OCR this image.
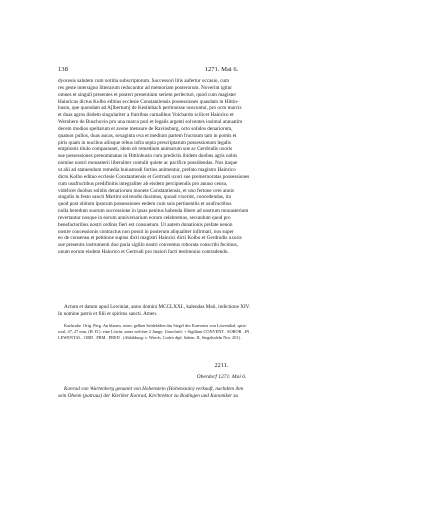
138	1271. Mai 6.

dyocesis salutem cum notitia subscriptorum. Successori litis aufertur occasio, cum
res geste intersigno litterarum reducuntur ad memoriam posterorum. Noverint igitur
omnes et singuli presentes et posteri presentium seriem perlecturi, quod cum magister
Hainricus dictus Kolbo editius ecclesie Constantiensis possessiones quasdam in Hittin-
husin, que quondam ad A[lbertum] de Kestinbach pertinuisse noscuntur, pro octo marcis
et duas agros ibidem singulariter a fratribus carnalibus Volchardo scilicet Hainrico et
Wernhero de Buschovin pro una marca puri et legalis argenti solventes iosimul annuatim
decem modios speltarum et avene mensure de Ravinsburg, octo solidos denariorum,
quatuor pullos, duas aucas, sexaginta ova et medium partem fructuum tam in pomis et
piris quam in nucibus aliisque rebus infra septa prescriptarum possessionum legalis
emptionis titulo comparasset, idem ob remedium animarum sue ac Gerdrudis uxoris
sue possessiones prenominatas in Hittinhusin cum predictis ibidem duobus agris nobis
nomine nostri monasterii liberaliter contulit quiete ac pacifice possidendas. Nos itaque
ut alii ad statuendum remedia huiusmodi fortius animentur, prefato magistro Hainrico
dicto Kolbo edituo ecclesie Constantiensis et Gertrudi uxori sue premernoratas possessiones
cum usufructibus predifinitis integraliter ab eisdem percipiendis pro annuo censu,
videlicet duobus solidis denariorum monete Constantiensis, et uno fertone cere annis
singulis in festo sancti Martini solvendis duximus, quoad vixerint, concedendas, ita
quod post obitum ipsorum possessiones eedem cum suis pertinentiis et usufructibus
nulla heredum suorum successione in ipsas penitus habenda libere ad nostrum monasterium
revertantur nosque in eorum anniversarium eorum celebremus, secundum quod pro
benefactoribus nostri ordinis fieri est consuetum. Ut autem donationis prefate nenon
nostre concessionis contractus non possit in posterum aliqualiter infirmari, nos super
eo de consensu et petitione supius dicti magistri Hainrici dicti Kolbo et Gerdrudis uxoris
sue presentis instrumenti duo paria sigillo nostri conventus roborata conscribi fecimus,
unum eorum eisdem Hainrico et Gertrudi pro maiori facti testimonio contradendo.

Actum et datum apud Lewiniat, anno domini MCCLXXI., kalendas Maii, indictione XIV.
In nomine patris et filii et spiritus sancti. Amen.

Karlsruhe. Orig. Perg. An blauen, roten, gelben Seidefäden das Siegel des Konvents von Löwenthal, spitz-
oval, 47, 27 mm, (H. D.): eine Löwin, unter welcher 2 Junge; Umschrift: + Sigillum CONVENT . SOROR . IN .
LEWENTAL . ORD . FRM . PRED . (Abbildung: v. Weech, Codex dipl. Salem. II, Siegeltafeln Nro. 201).

2211.
Oberdorf 1271. Mai 6.

Konrad von Wartenberg genannt von Hohenstein (Hohenstain) verkauft, nachdem ihm
sein Oheim (patruus) der Kleriker Konrad, Kirchrektor zu Bodingen und Kanoniker zu
